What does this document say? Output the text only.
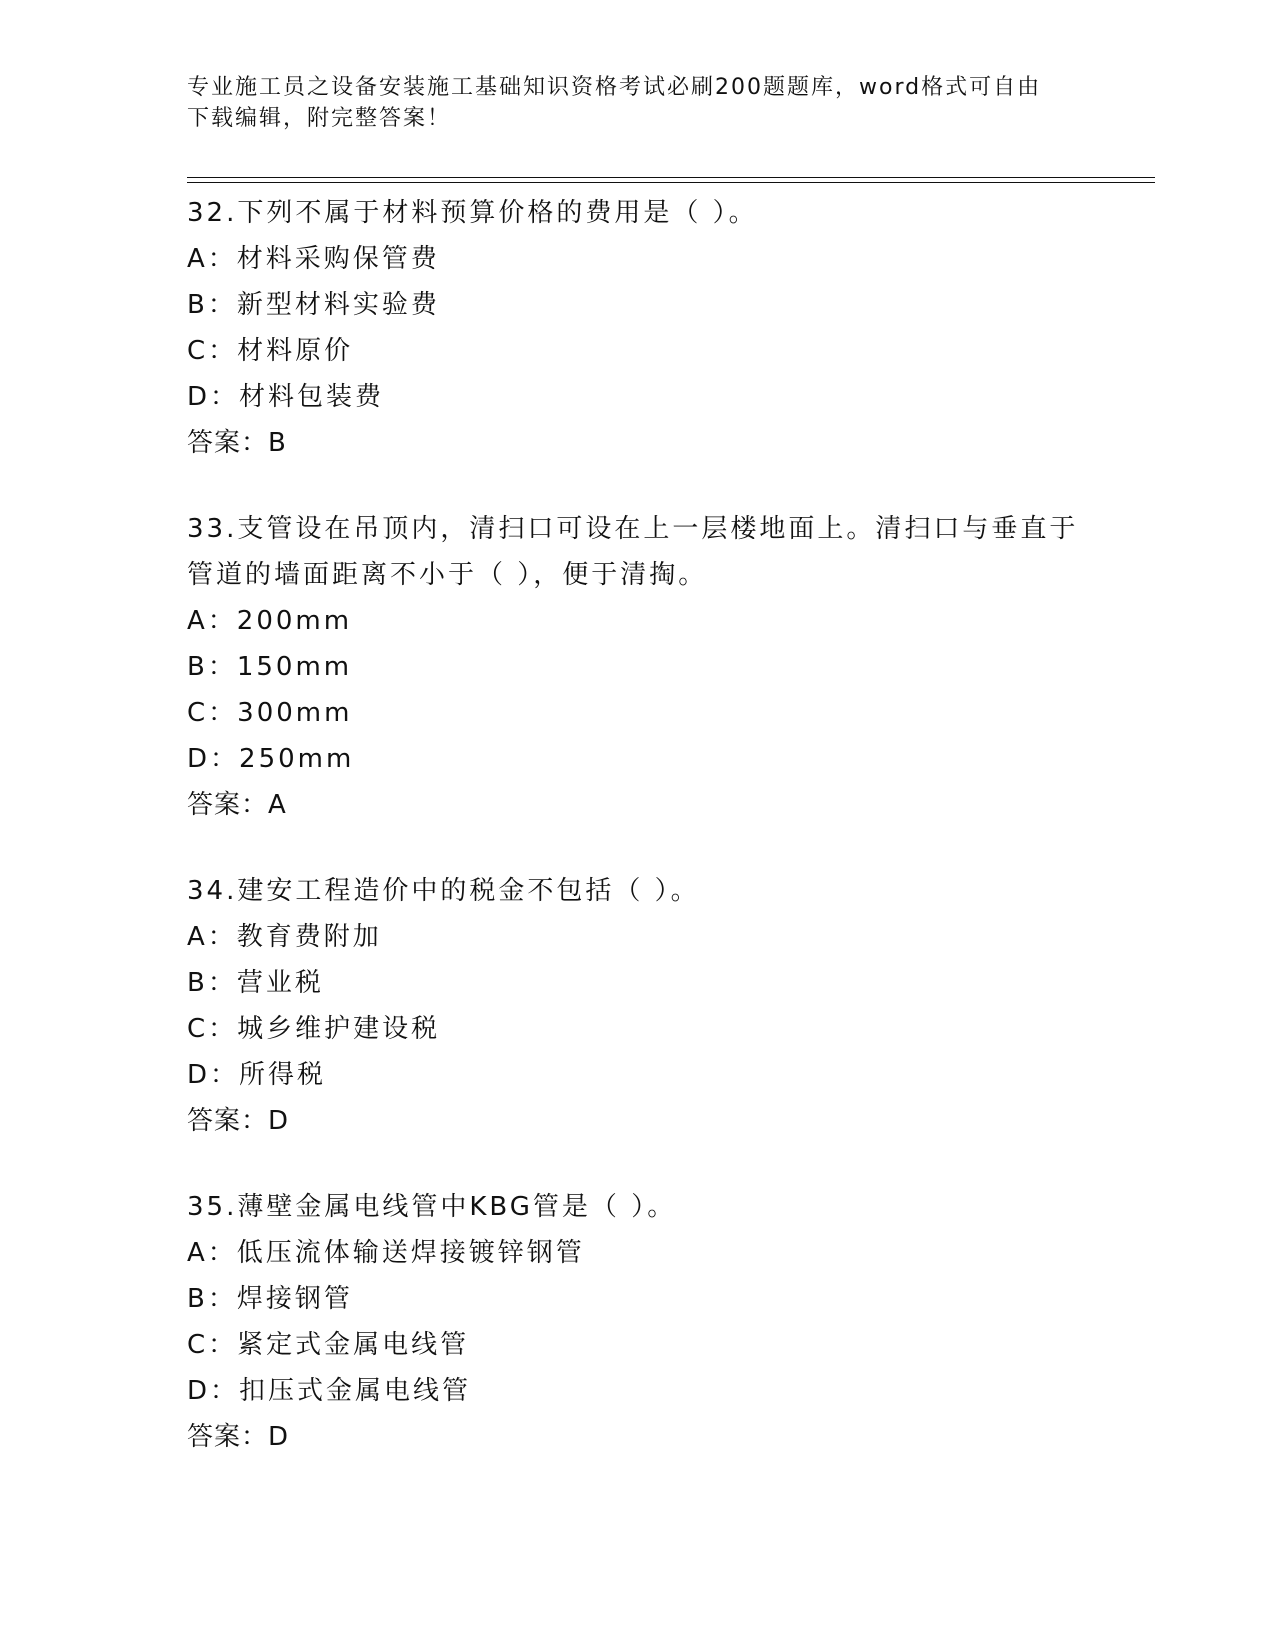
专业施工员之设备安装施工基础知识资格考试必刷200题题库，word格式可自由
下载编辑，附完整答案！
32.下列不属于材料预算价格的费用是（ ）。
A：材料采购保管费
B：新型材料实验费
C：材料原价
D：材料包装费
答案：B
33.支管设在吊顶内，清扫口可设在上一层楼地面上。清扫口与垂直于
管道的墙面距离不小于（ ），便于清掏。
A：200mm
B：150mm
C：300mm
D：250mm
答案：A
34.建安工程造价中的税金不包括（ ）。
A：教育费附加
B：营业税
C：城乡维护建设税
D：所得税
答案：D
35.薄壁金属电线管中KBG管是（ ）。
A：低压流体输送焊接镀锌钢管
B：焊接钢管
C：紧定式金属电线管
D：扣压式金属电线管
答案：D
